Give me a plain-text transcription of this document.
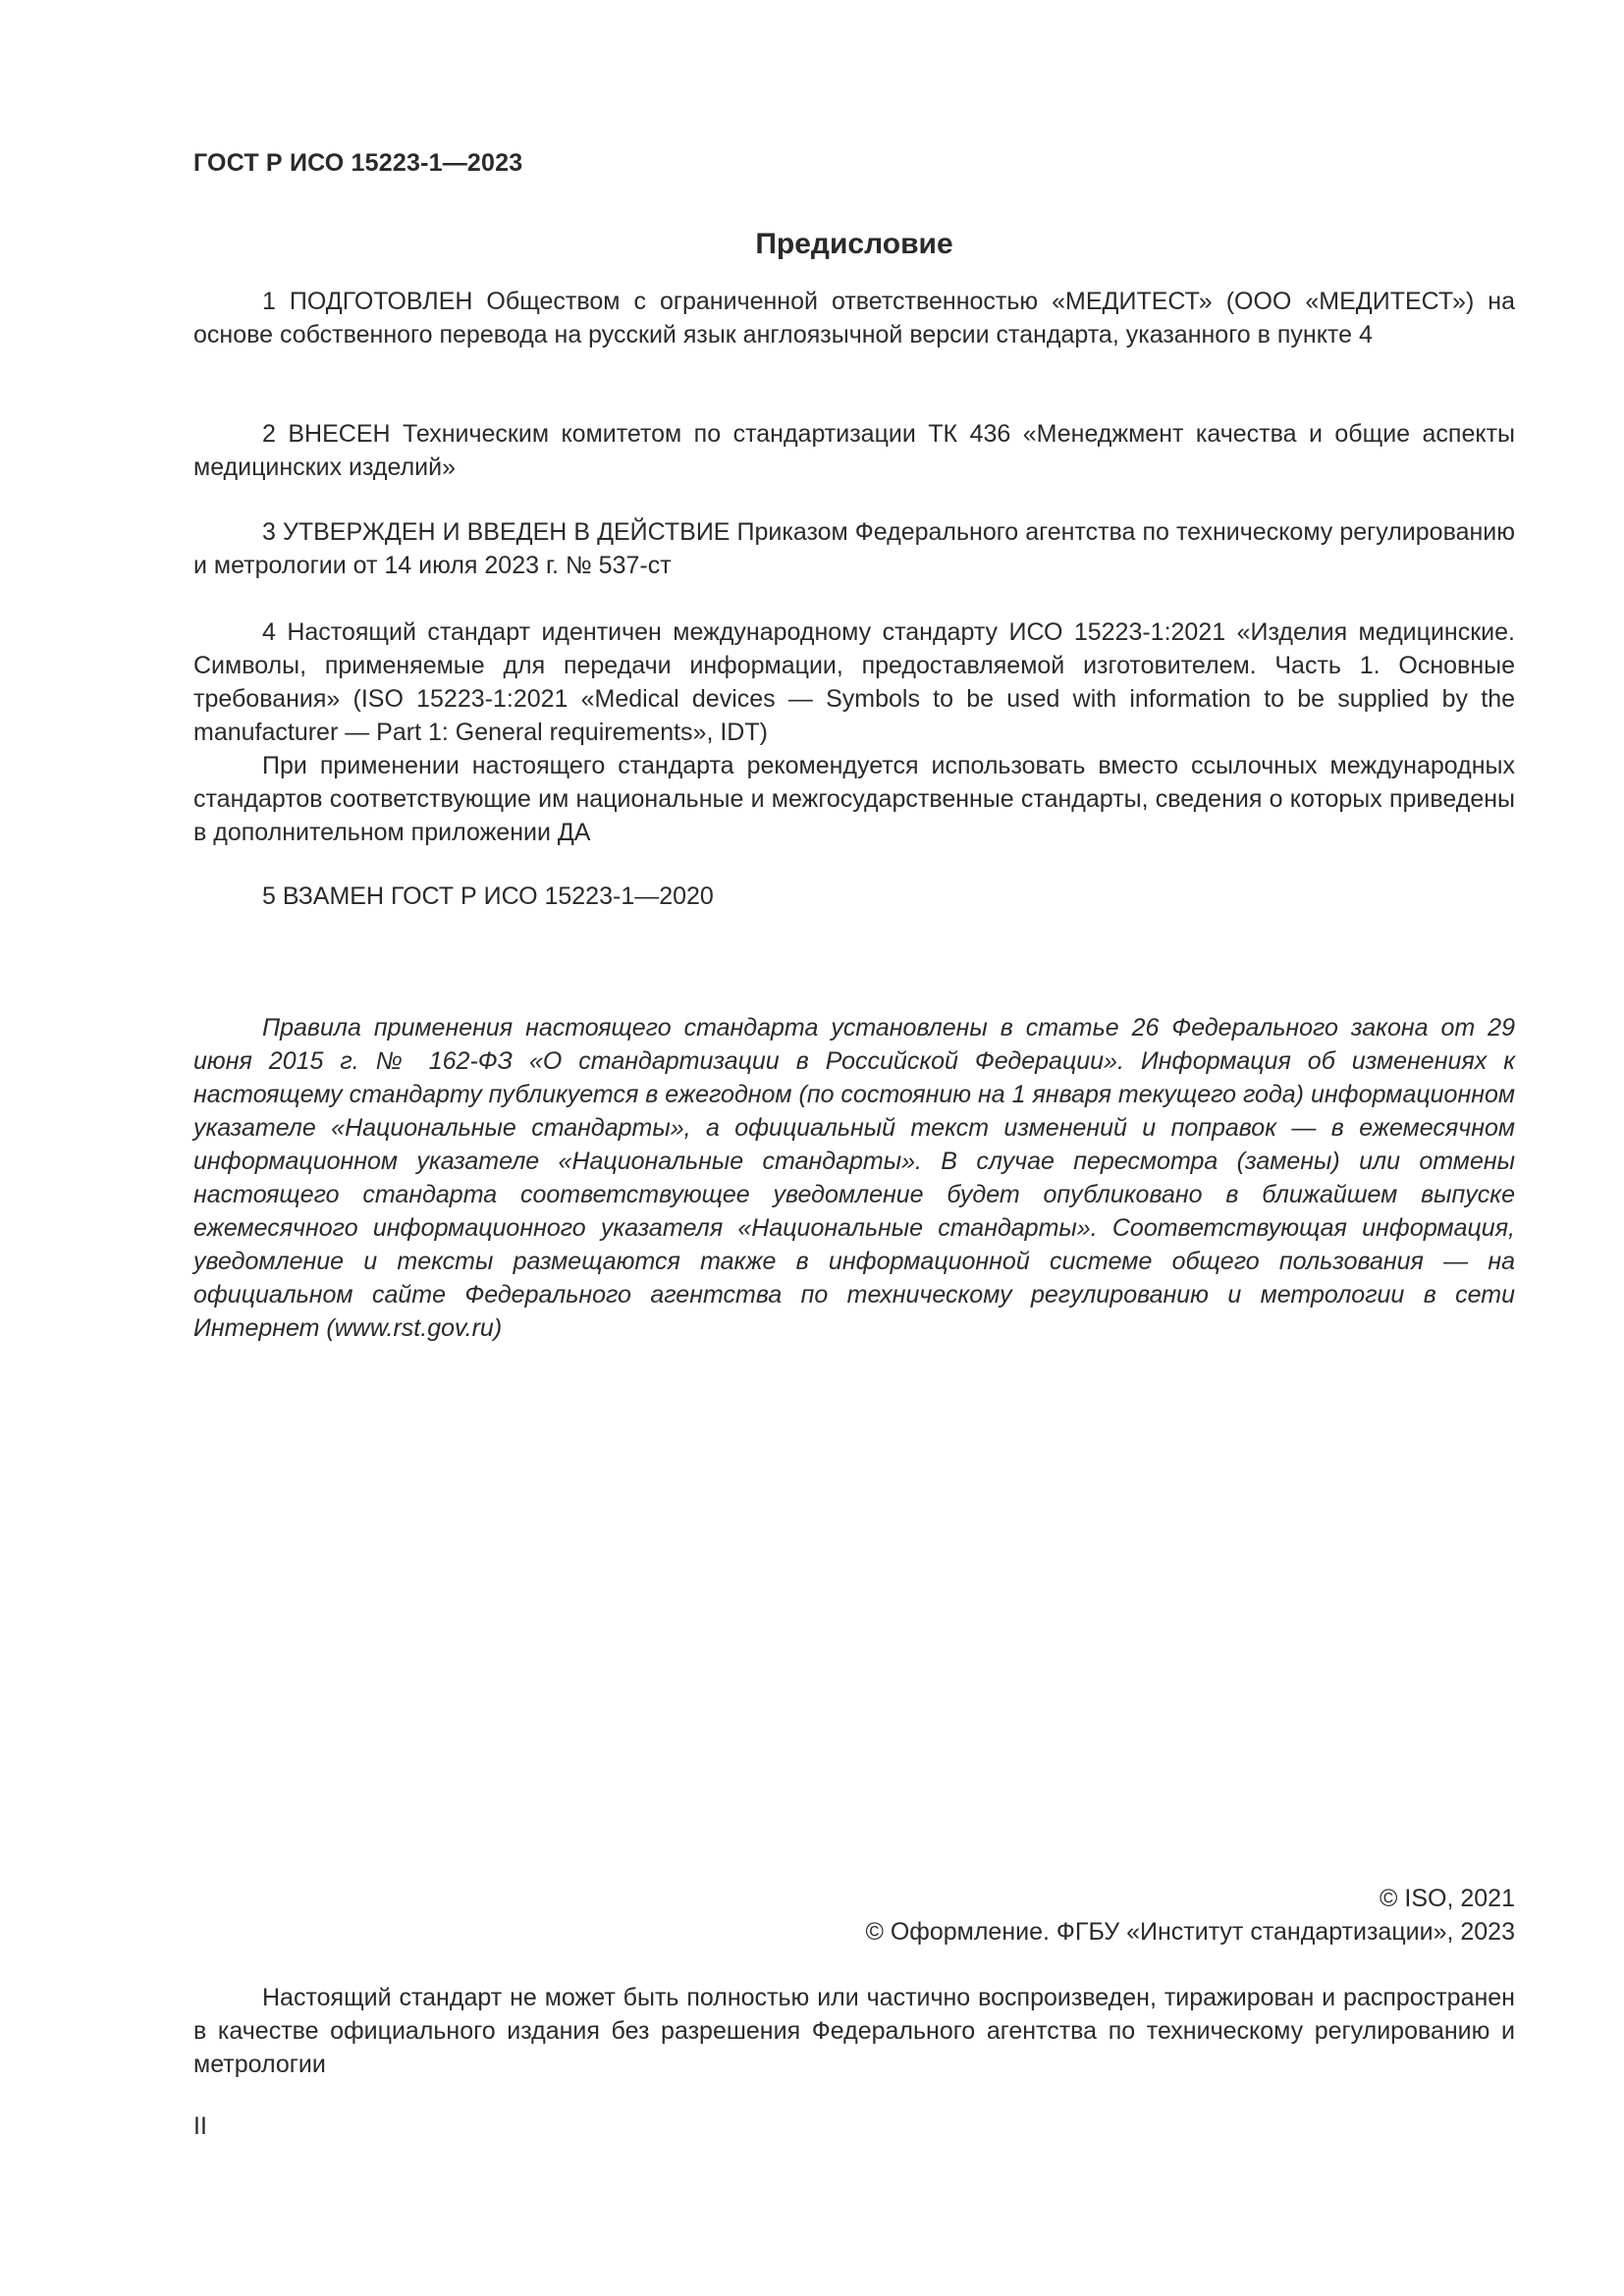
ГОСТ Р ИСО 15223-1—2023
Предисловие

1 ПОДГОТОВЛЕН Обществом с ограниченной ответственностью «МЕДИТЕСТ» (ООО «МЕДИТЕСТ») на основе собственного перевода на русский язык англоязычной версии стандарта, указанного в пункте 4

2 ВНЕСЕН Техническим комитетом по стандартизации ТК 436 «Менеджмент качества и общие аспекты медицинских изделий»

3 УТВЕРЖДЕН И ВВЕДЕН В ДЕЙСТВИЕ Приказом Федерального агентства по техническому регулированию и метрологии от 14 июля 2023 г. № 537-ст

4 Настоящий стандарт идентичен международному стандарту ИСО 15223-1:2021 «Изделия медицинские. Символы, применяемые для передачи информации, предоставляемой изготовителем. Часть 1. Основные требования» (ISO 15223-1:2021 «Medical devices — Symbols to be used with information to be supplied by the manufacturer — Part 1: General requirements», IDT)

При применении настоящего стандарта рекомендуется использовать вместо ссылочных международных стандартов соответствующие им национальные и межгосударственные стандарты, сведения о которых приведены в дополнительном приложении ДА

5 ВЗАМЕН ГОСТ Р ИСО 15223-1—2020

Правила применения настоящего стандарта установлены в статье 26 Федерального закона от 29 июня 2015 г. № 162-ФЗ «О стандартизации в Российской Федерации». Информация об изменениях к настоящему стандарту публикуется в ежегодном (по состоянию на 1 января текущего года) информационном указателе «Национальные стандарты», а официальный текст изменений и поправок — в ежемесячном информационном указателе «Национальные стандарты». В случае пересмотра (замены) или отмены настоящего стандарта соответствующее уведомление будет опубликовано в ближайшем выпуске ежемесячного информационного указателя «Национальные стандарты». Соответствующая информация, уведомление и тексты размещаются также в информационной системе общего пользования — на официальном сайте Федерального агентства по техническому регулированию и метрологии в сети Интернет (www.rst.gov.ru)

© ISO, 2021
© Оформление. ФГБУ «Институт стандартизации», 2023

Настоящий стандарт не может быть полностью или частично воспроизведен, тиражирован и распространен в качестве официального издания без разрешения Федерального агентства по техническому регулированию и метрологии

II
